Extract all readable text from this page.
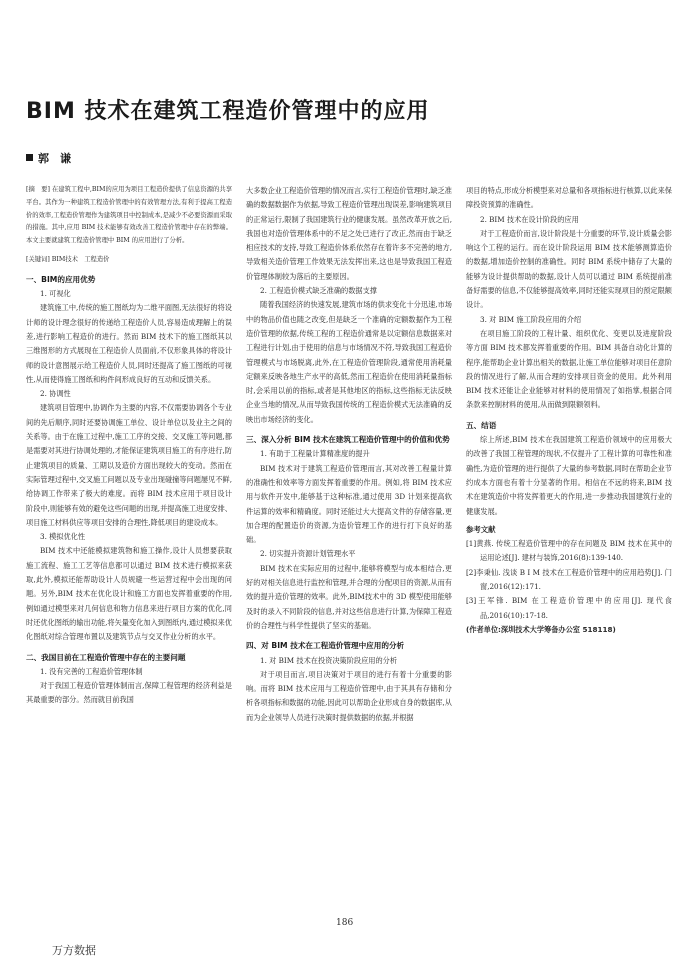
BIM 技术在建筑工程造价管理中的应用
郭　谦

[摘　要] 在建筑工程中,BIM的应用为项目工程造价提供了信息资源的共享平台。其作为一种建筑工程造价管理中的有效管理方法,有利于提高工程造价的效率,工程造价管理作为建筑项目中控制成本,是减少不必要资源而采取的措施。其中,应用 BIM 技术能够有效改善工程造价管理中存在的弊端。本文主要就建筑工程造价管理中 BIM 的应用进行了分析。

[关键词] BIM技术　工程造价

一、BIM的应用优势
1. 可视化

建筑施工中,传统的施工图纸均为二维平面图,无法很好的将设计师的设计理念很好的传递给工程造价人员,容易造成理解上的误差,进行影响工程造价的进行。然而 BIM 技术下的施工图纸其以三维图形的方式展现在工程造价人员面前,不仅形象具体的将设计师的设计意图展示给工程造价人员,同时还提高了施工图纸的可视性,从而使得施工图纸和构件间形成良好的互动和反馈关系。

2. 协调性

建筑项目管理中,协调作为主要的内容,不仅需要协调各个专业间的先后顺序,同时还要协调施工单位、设计单位以及业主之间的关系等。由于在施工过程中,施工工序的交接、交叉施工等问题,都是需要对其进行协调处理的,才能保证建筑项目施工的有序进行,防止建筑项目的质量、工期以及造价方面出现较大的变动。然而在实际管理过程中,交叉施工问题以及专业出现碰撞等问题屡见不鲜,给协调工作带来了极大的难度。而将 BIM 技术应用于项目设计阶段中,则能够有效的避免这些问题的出现,并提高施工进度安排、项目施工材料供应等项目安排的合理性,降低项目的建设成本。

3. 模拟优化性

BIM 技术中还能模拟建筑物和施工操作,设计人员想要获取施工流程、施工工艺等信息都可以通过 BIM 技术进行模拟来获取,此外,模拟还能帮助设计人员规避一些运营过程中会出现的问题。另外,BIM 技术在优化设计和施工方面也发挥着重要的作用,例如通过模型来对几何信息和物力信息来进行项目方案的优化,同时还优化图纸的输出功能,将矢量变化加入到图纸内,通过模拟来优化图纸对综合管理布置以及建筑节点与交叉作业分析的水平。

二、我国目前在工程造价管理中存在的主要问题
1. 没有完善的工程造价管理体制

对于我国工程造价管理体制而言,保障工程管理的经济利益是其最重要的部分。然而就目前我国

大多数企业工程造价管理的情况而言,实行工程造价管理时,缺乏准确的数据数据作为依据,导致工程造价管理出现误差,影响建筑项目的正常运行,限制了我国建筑行业的健康发展。虽然改革开放之后,我国也对造价管理体系中的不足之处已进行了改正,然而由于缺乏相应技术的支持,导致工程造价体系依然存在着许多不完善的地方,导致相关造价管理工作效果无法发挥出来,这也是导致我国工程造价管理体制较为落后的主要原因。

2. 工程造价模式缺乏准确的数据支撑

随着我国经济的快速发展,建筑市场的供求变化十分迅速,市场中的物品价值也随之改变,但是缺乏一个准确的定额数据作为工程造价管理的依据,传统工程的工程造价通常是以定额信息数据来对工程进行计划,由于使用的信息与市场情况不符,导致我国工程造价管理模式与市场脱离,此外,在工程造价管理阶段,通常使用消耗量定额来反映各地生产水平的高低,然而工程造价在使用消耗量指标时,会采用以前的指标,或者是其他地区的指标,这些指标无法反映企业当地的情况,从而导致我国传统的工程造价模式无法准确的反映出市场经济的变化。

三、深入分析 BIM 技术在建筑工程造价管理中的价值和优势
1. 有助于工程量计算精准度的提升

BIM 技术对于建筑工程造价管理而言,其对改善工程量计算的准确性和效率等方面发挥着重要的作用。例如,将 BIM 技术应用与软件开发中,能够基于这种标准,通过使用 3D 计划来提高软件运算的效率和精确度。同时还能过大大提高文件的存储容量,更加合理的配置造价的资源,为造价管理工作的进行打下良好的基础。

2. 切实提升资源计划管理水平

BIM 技术在实际应用的过程中,能够将模型与成本相结合,更好的对相关信息进行监控和管理,并合理的分配项目的资源,从而有效的提升造价管理的效率。此外,BIM技术中的 3D 模型使用能够及时的录入不同阶段的信息,并对这些信息进行计算,为保障工程造价的合理性与科学性提供了坚实的基础。

四、对 BIM 技术在工程造价管理中应用的分析
1. 对 BIM 技术在投资决策阶段应用的分析

对于项目而言,项目决策对于项目的进行有着十分重要的影响。而将 BIM 技术应用与工程造价管理中,由于其具有存储和分析各项指标和数据的功能,因此可以帮助企业形成自身的数据库,从而为企业领导人员进行决策时提供数据的依据,并根据

项目的特点,形成分析模型来对总量和各项指标进行核算,以此来保障投资预算的准确性。

2. BIM 技术在设计阶段的应用

对于工程造价而言,设计阶段是十分重要的环节,设计质量会影响这个工程的运行。而在设计阶段运用 BIM 技术能够测算造价的数据,增加造价控制的准确性。同时 BIM 系统中储存了大量的能够为设计提供帮助的数据,设计人员可以通过 BIM 系统提前准备好需要的信息,不仅能够提高效率,同时还能实现项目的预定限额设计。

3. 对 BIM 施工阶段应用的介绍

在项目施工阶段的工程计量、组织优化、变更以及进度阶段等方面 BIM 技术都发挥着重要的作用。BIM 具备自动化计算的程序,能帮助企业计算出相关的数据,让施工单位能够对项目任意阶段的情况进行了解,从而合理的安排项目资金的使用。此外利用 BIM 技术还能让企业能够对材料的使用情况了如指掌,根据合同条款来控制材料的使用,从而做到限额领料。

五、结语

综上所述,BIM 技术在我国建筑工程造价领域中的应用极大的改善了我国工程管理的现状,不仅提升了工程计算的可靠性和准确性,为造价管理的进行提供了大量的参考数据,同时在帮助企业节约成本方面也有着十分显著的作用。相信在不远的将来,BIM 技术在建筑造价中将发挥着更大的作用,进一步推动我国建筑行业的健康发展。

参考文献

[1]黄燕. 传统工程造价管理中的存在问题及 BIM 技术在其中的运用论述[J]. 建材与装饰,2016(8):139-140.

[2]李秉仙. 浅谈 B I M 技术在工程造价管理中的应用趋势[J]. 门窗,2016(12):171.

[3]王军锋. BIM 在工程造价管理中的应用[J]. 现代食品,2016(10):17-18.

(作者单位:深圳技术大学筹备办公室 518118)

186
万方数据
